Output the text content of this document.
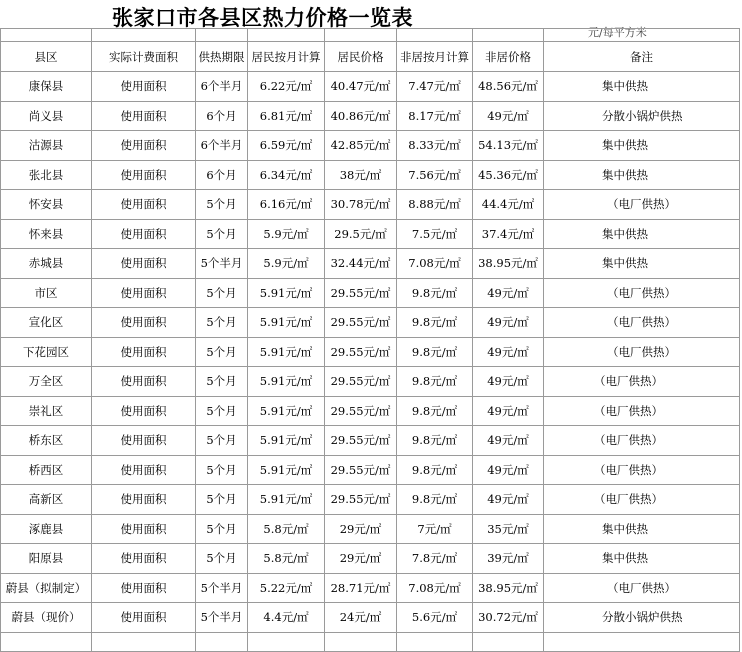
张家口市各县区热力价格一览表
元/每平方米

县区	实际计费面积	供热期限	居民按月计算	居民价格	非居按月计算	非居价格	备注
康保县	使用面积	6个半月	6.22元/㎡	40.47元/㎡	7.47元/㎡	48.56元/㎡	集中供热
尚义县	使用面积	6个月	6.81元/㎡	40.86元/㎡	8.17元/㎡	49元/㎡	分散小锅炉供热
沽源县	使用面积	6个半月	6.59元/㎡	42.85元/㎡	8.33元/㎡	54.13元/㎡	集中供热
张北县	使用面积	6个月	6.34元/㎡	38元/㎡	7.56元/㎡	45.36元/㎡	集中供热
怀安县	使用面积	5个月	6.16元/㎡	30.78元/㎡	8.88元/㎡	44.4元/㎡	（电厂供热）
怀来县	使用面积	5个月	5.9元/㎡	29.5元/㎡	7.5元/㎡	37.4元/㎡	集中供热
赤城县	使用面积	5个半月	5.9元/㎡	32.44元/㎡	7.08元/㎡	38.95元/㎡	集中供热
市区	使用面积	5个月	5.91元/㎡	29.55元/㎡	9.8元/㎡	49元/㎡	（电厂供热）
宣化区	使用面积	5个月	5.91元/㎡	29.55元/㎡	9.8元/㎡	49元/㎡	（电厂供热）
下花园区	使用面积	5个月	5.91元/㎡	29.55元/㎡	9.8元/㎡	49元/㎡	（电厂供热）
万全区	使用面积	5个月	5.91元/㎡	29.55元/㎡	9.8元/㎡	49元/㎡	（电厂供热）
崇礼区	使用面积	5个月	5.91元/㎡	29.55元/㎡	9.8元/㎡	49元/㎡	（电厂供热）
桥东区	使用面积	5个月	5.91元/㎡	29.55元/㎡	9.8元/㎡	49元/㎡	（电厂供热）
桥西区	使用面积	5个月	5.91元/㎡	29.55元/㎡	9.8元/㎡	49元/㎡	（电厂供热）
高新区	使用面积	5个月	5.91元/㎡	29.55元/㎡	9.8元/㎡	49元/㎡	（电厂供热）
涿鹿县	使用面积	5个月	5.8元/㎡	29元/㎡	7元/㎡	35元/㎡	集中供热
阳原县	使用面积	5个月	5.8元/㎡	29元/㎡	7.8元/㎡	39元/㎡	集中供热
蔚县（拟制定）	使用面积	5个半月	5.22元/㎡	28.71元/㎡	7.08元/㎡	38.95元/㎡	（电厂供热）
蔚县（现价）	使用面积	5个半月	4.4元/㎡	24元/㎡	5.6元/㎡	30.72元/㎡	分散小锅炉供热
